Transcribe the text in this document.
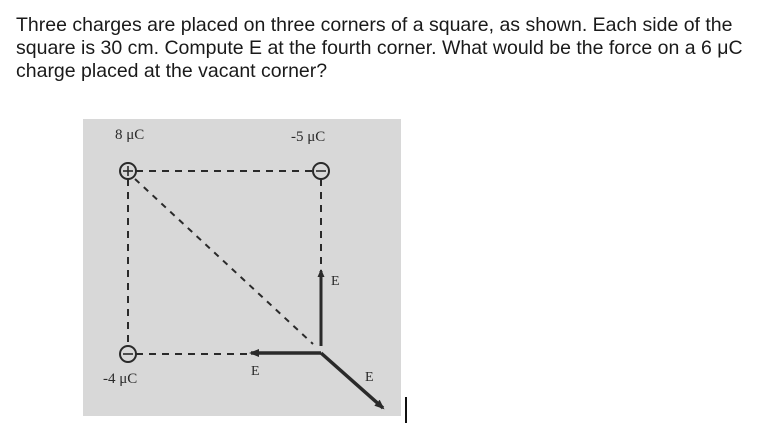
Three charges are placed on three corners of a square, as shown. Each side of the square is 30 cm. Compute E at the fourth corner. What would be the force on a 6 μC charge placed at the vacant corner?

8 μC	-5 μC
-4 μC
E
E	E
